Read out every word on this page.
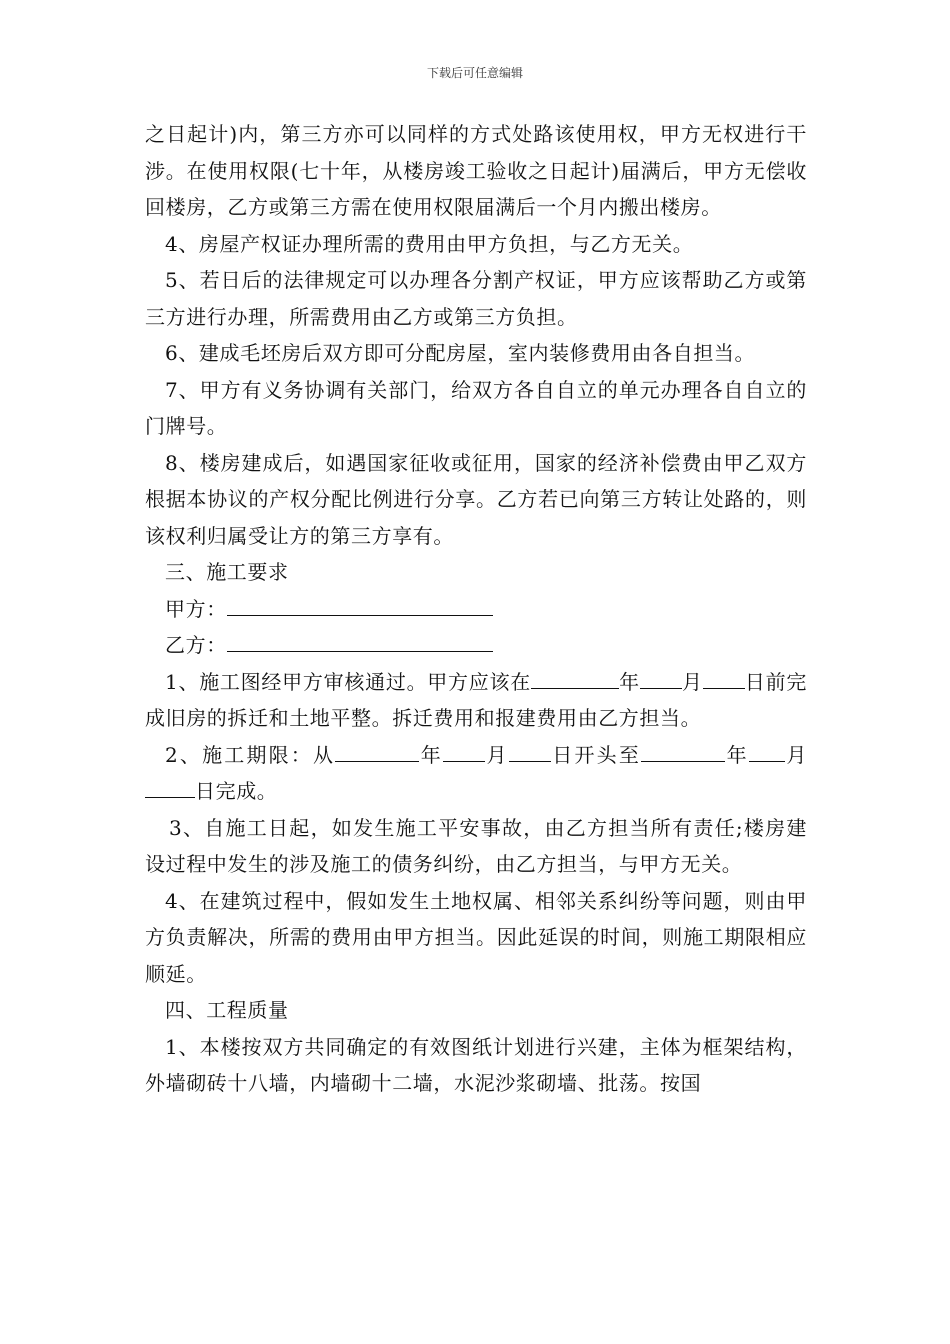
下载后可任意编辑

之日起计)内，第三方亦可以同样的方式处路该使用权，甲方无权进行干涉。在使用权限(七十年，从楼房竣工验收之日起计)届满后，甲方无偿收回楼房，乙方或第三方需在使用权限届满后一个月内搬出楼房。

4、房屋产权证办理所需的费用由甲方负担，与乙方无关。

5、若日后的法律规定可以办理各分割产权证，甲方应该帮助乙方或第三方进行办理，所需费用由乙方或第三方负担。

6、建成毛坯房后双方即可分配房屋，室内装修费用由各自担当。

7、甲方有义务协调有关部门，给双方各自自立的单元办理各自自立的门牌号。

8、楼房建成后，如遇国家征收或征用，国家的经济补偿费由甲乙双方根据本协议的产权分配比例进行分享。乙方若已向第三方转让处路的，则该权利归属受让方的第三方享有。

三、施工要求

甲方：

乙方：

1、施工图经甲方审核通过。甲方应该在	年 月 日前完成旧房的拆迁和土地平整。拆迁费用和报建费用由乙方担当。

2、施工期限：从	年 月 日开头至	年 月日完成。

3、自施工日起，如发生施工平安事故，由乙方担当所有责任;楼房建设过程中发生的涉及施工的债务纠纷，由乙方担当，与甲方无关。

4、在建筑过程中，假如发生土地权属、相邻关系纠纷等问题，则由甲方负责解决，所需的费用由甲方担当。因此延误的时间，则施工期限相应顺延。

四、工程质量

1、本楼按双方共同确定的有效图纸计划进行兴建，主体为框架结构，外墙砌砖十八墙，内墙砌十二墙，水泥沙浆砌墙、批荡。按国
